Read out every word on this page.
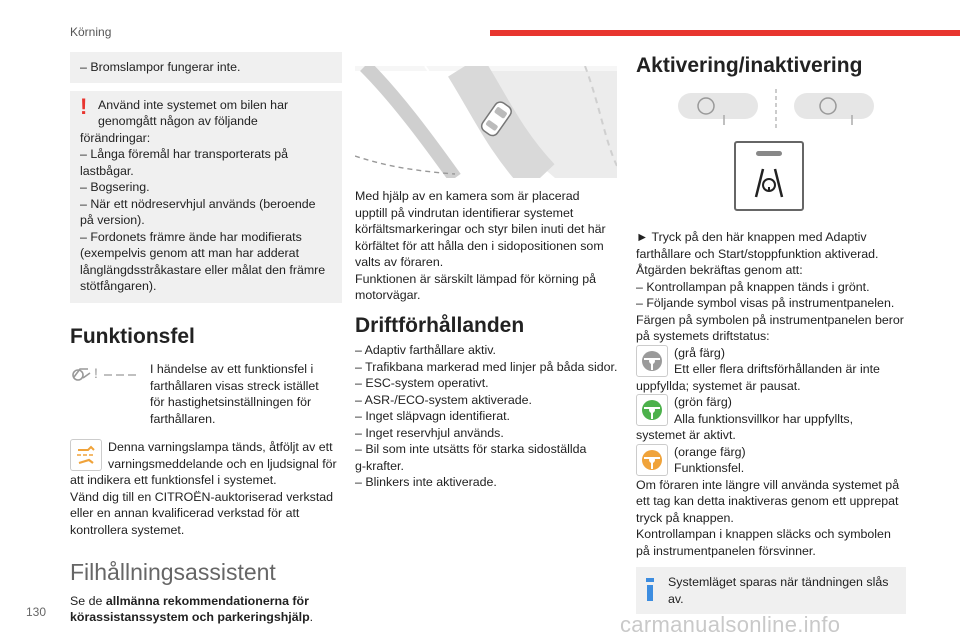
Körning
– Bromslampor fungerar inte.
! Använd inte systemet om bilen har genomgått någon av följande
förändringar:
– Långa föremål har transporterats på
lastbågar.
– Bogsering.
– När ett nödreservhjul används (beroende
på version).
– Fordonets främre ände har modifierats
(exempelvis genom att man har adderat
långlängdsstråkastare eller målat den främre
stötfångaren).
Funktionsfel
!	I händelse av ett funktionsfel i
farthållaren visas streck istället
för hastighetsinställningen för
farthållaren.
Denna varningslampa tänds, åtföljt av ett
varningsmeddelande och en ljudsignal för
att indikera ett funktionsfel i systemet.
Vänd dig till en CITROËN-auktoriserad verkstad
eller en annan kvalificerad verkstad för att
kontrollera systemet.
Filhållningsassistent
Se de allmänna rekommendationerna för
körassistanssystem och parkeringshjälp.
Med hjälp av en kamera som är placerad
upptill på vindrutan identifierar systemet
körfältsmarkeringar och styr bilen inuti det här
körfältet för att hålla den i sidopositionen som
valts av föraren.
Funktionen är särskilt lämpad för körning på
motorvägar.
Driftförhållanden
– Adaptiv farthållare aktiv.
– Trafikbana markerad med linjer på båda sidor.
– ESC-system operativt.
– ASR-/ECO-system aktiverade.
– Inget släpvagn identifierat.
– Inget reservhjul används.
– Bil som inte utsätts för starka sidoställda
g-krafter.
– Blinkers inte aktiverade.
Aktivering/inaktivering
► Tryck på den här knappen med Adaptiv
farthållare och Start/stoppfunktion aktiverad.
Åtgärden bekräftas genom att:
– Kontrollampan på knappen tänds i grönt.
– Följande symbol visas på instrumentpanelen.
Färgen på symbolen på instrumentpanelen beror
på systemets driftstatus:
(grå färg)
Ett eller flera driftsförhållanden är inte
uppfyllda; systemet är pausat.
(grön färg)
Alla funktionsvillkor har uppfyllts,
systemet är aktivt.
(orange färg)
Funktionsfel.
Om föraren inte längre vill använda systemet på
ett tag kan detta inaktiveras genom ett upprepat
tryck på knappen.
Kontrollampan i knappen släcks och symbolen
på instrumentpanelen försvinner.
Systemläget sparas när tändningen slås av.
130	carmanualsonline.info
